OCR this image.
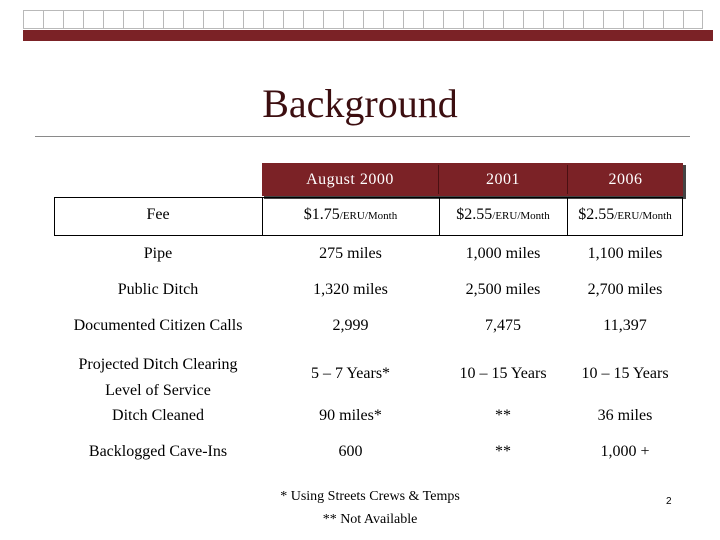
Background
August 2000	2001	2006
Fee	$1.75/ERU/Month	$2.55/ERU/Month	$2.55/ERU/Month
Pipe	275 miles	1,000 miles	1,100 miles
Public Ditch	1,320 miles	2,500 miles	2,700 miles
Documented Citizen Calls	2,999	7,475	11,397
Projected Ditch Clearing
Level of Service
5 – 7 Years*	10 – 15 Years	10 – 15 Years
Ditch Cleaned	90 miles*	**	36 miles
Backlogged Cave-Ins	600	**	1,000 +
* Using Streets Crews & Temps
** Not Available
2
